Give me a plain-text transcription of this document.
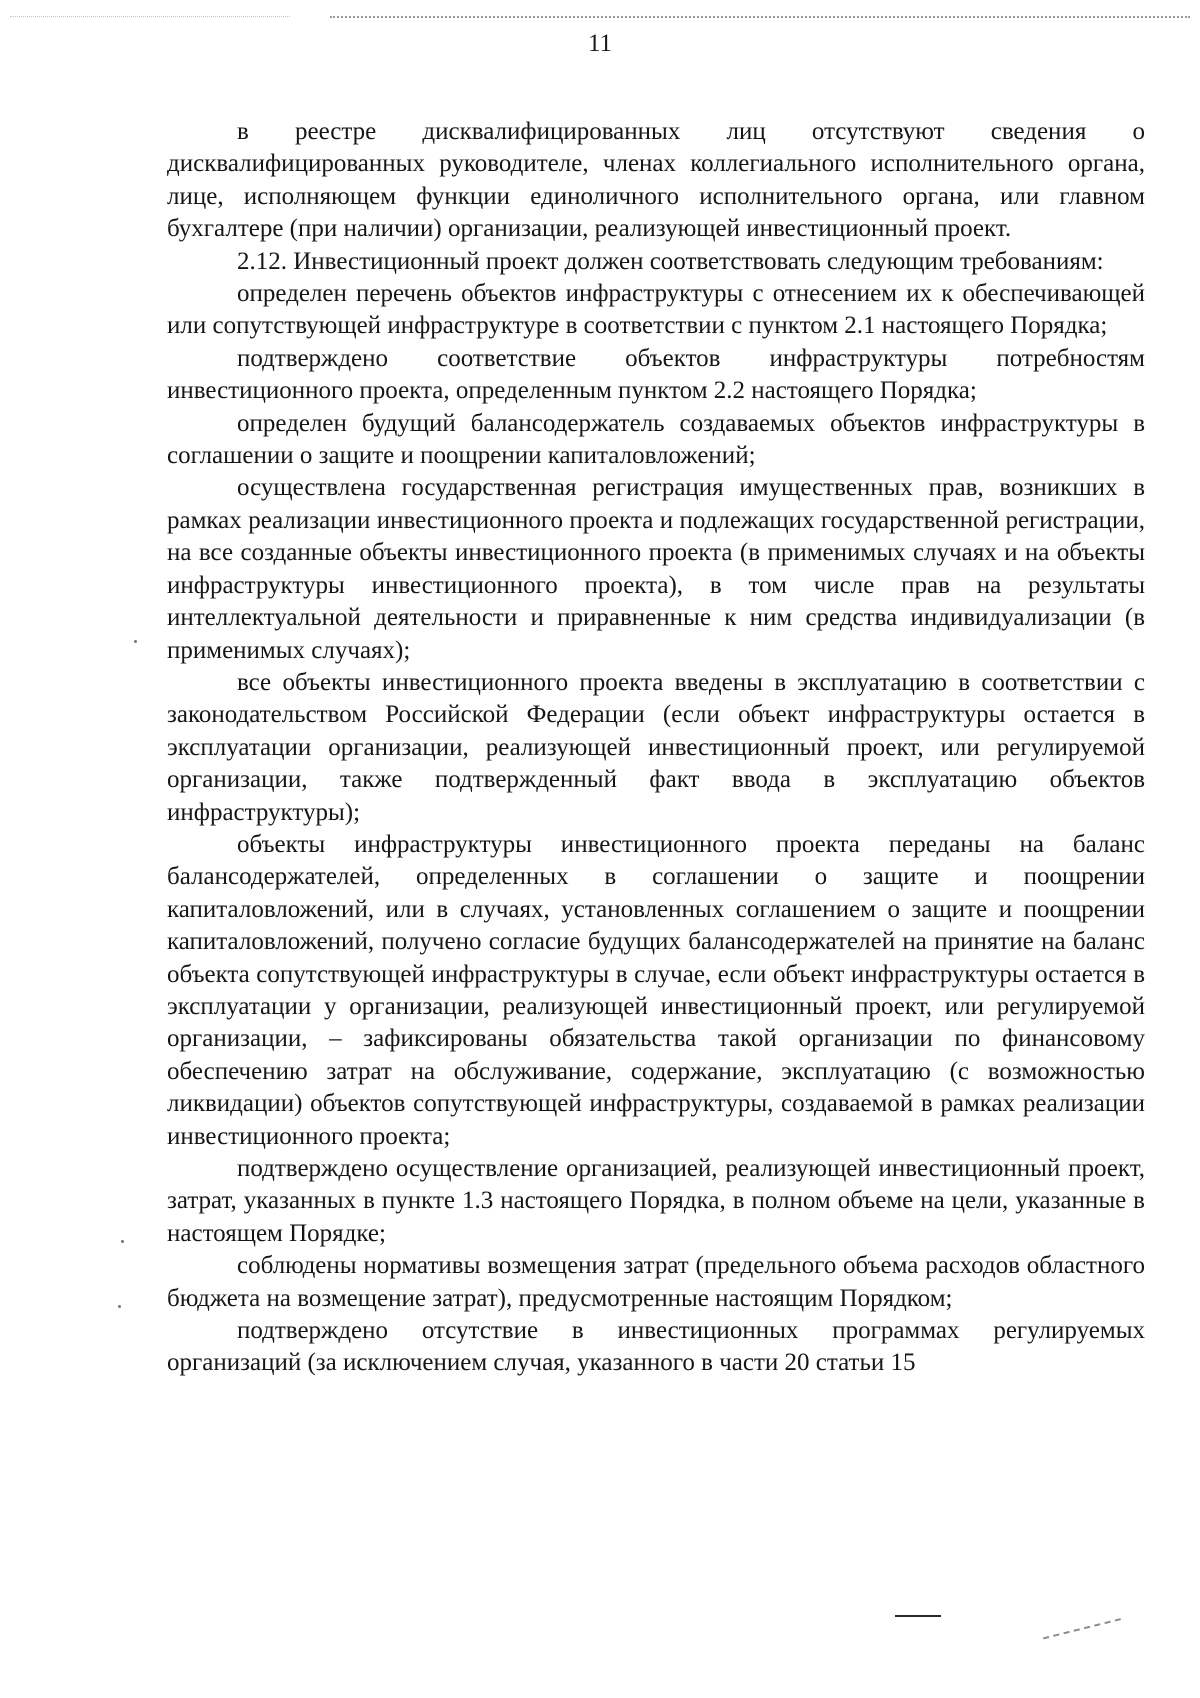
11

в реестре дисквалифицированных лиц отсутствуют сведения о дисквалифицированных руководителе, членах коллегиального исполнительного органа, лице, исполняющем функции единоличного исполнительного органа, или главном бухгалтере (при наличии) организации, реализующей инвестиционный проект.

2.12. Инвестиционный проект должен соответствовать следующим требованиям:

определен перечень объектов инфраструктуры с отнесением их к обеспечивающей или сопутствующей инфраструктуре в соответствии с пунктом 2.1 настоящего Порядка;

подтверждено соответствие объектов инфраструктуры потребностям инвестиционного проекта, определенным пунктом 2.2 настоящего Порядка;

определен будущий балансодержатель создаваемых объектов инфраструктуры в соглашении о защите и поощрении капиталовложений;

осуществлена государственная регистрация имущественных прав, возникших в рамках реализации инвестиционного проекта и подлежащих государственной регистрации, на все созданные объекты инвестиционного проекта (в применимых случаях и на объекты инфраструктуры инвестиционного проекта), в том числе прав на результаты интеллектуальной деятельности и приравненные к ним средства индивидуализации (в применимых случаях);

все объекты инвестиционного проекта введены в эксплуатацию в соответствии с законодательством Российской Федерации (если объект инфраструктуры остается в эксплуатации организации, реализующей инвестиционный проект, или регулируемой организации, также подтвержденный факт ввода в эксплуатацию объектов инфраструктуры);

объекты инфраструктуры инвестиционного проекта переданы на баланс балансодержателей, определенных в соглашении о защите и поощрении капиталовложений, или в случаях, установленных соглашением о защите и поощрении капиталовложений, получено согласие будущих балансодержателей на принятие на баланс объекта сопутствующей инфраструктуры в случае, если объект инфраструктуры остается в эксплуатации у организации, реализующей инвестиционный проект, или регулируемой организации, – зафиксированы обязательства такой организации по финансовому обеспечению затрат на обслуживание, содержание, эксплуатацию (с возможностью ликвидации) объектов сопутствующей инфраструктуры, создаваемой в рамках реализации инвестиционного проекта;

подтверждено осуществление организацией, реализующей инвестиционный проект, затрат, указанных в пункте 1.3 настоящего Порядка, в полном объеме на цели, указанные в настоящем Порядке;

соблюдены нормативы возмещения затрат (предельного объема расходов областного бюджета на возмещение затрат), предусмотренные настоящим Порядком;

подтверждено отсутствие в инвестиционных программах регулируемых организаций (за исключением случая, указанного в части 20 статьи 15
